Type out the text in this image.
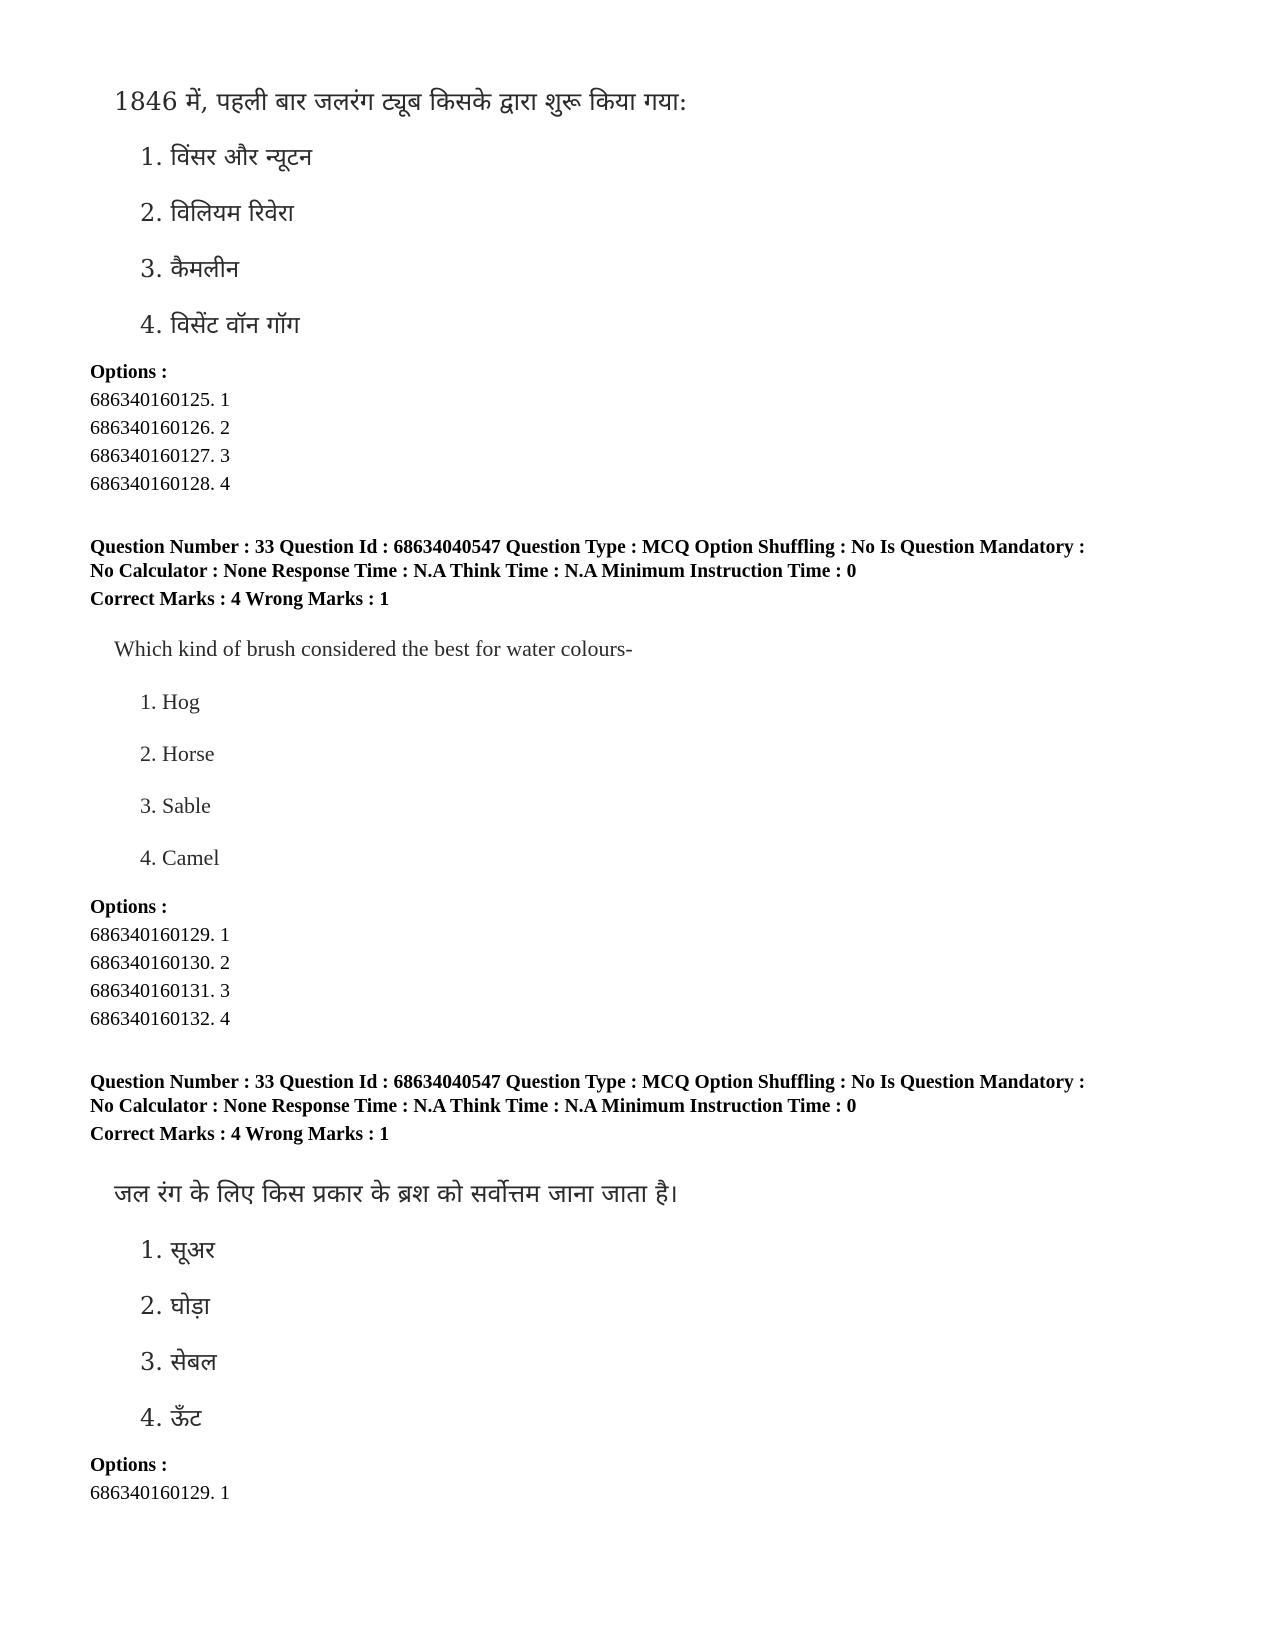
1846 में, पहली बार जलरंग ट्यूब किसके द्वारा शुरू किया गया:
1. विंसर और न्यूटन
2. विलियम रिवेरा
3. कैमलीन
4. विसेंट वॉन गॉग
Options :
686340160125. 1
686340160126. 2
686340160127. 3
686340160128. 4
Question Number : 33 Question Id : 68634040547 Question Type : MCQ Option Shuffling : No Is Question Mandatory :
No Calculator : None Response Time : N.A Think Time : N.A Minimum Instruction Time : 0
Correct Marks : 4 Wrong Marks : 1
Which kind of brush considered the best for water colours-
1. Hog
2. Horse
3. Sable
4. Camel
Options :
686340160129. 1
686340160130. 2
686340160131. 3
686340160132. 4
Question Number : 33 Question Id : 68634040547 Question Type : MCQ Option Shuffling : No Is Question Mandatory :
No Calculator : None Response Time : N.A Think Time : N.A Minimum Instruction Time : 0
Correct Marks : 4 Wrong Marks : 1
जल रंग के लिए किस प्रकार के ब्रश को सर्वोत्तम जाना जाता है।
1. सूअर
2. घोड़ा
3. सेबल
4. ऊँट
Options :
686340160129. 1
